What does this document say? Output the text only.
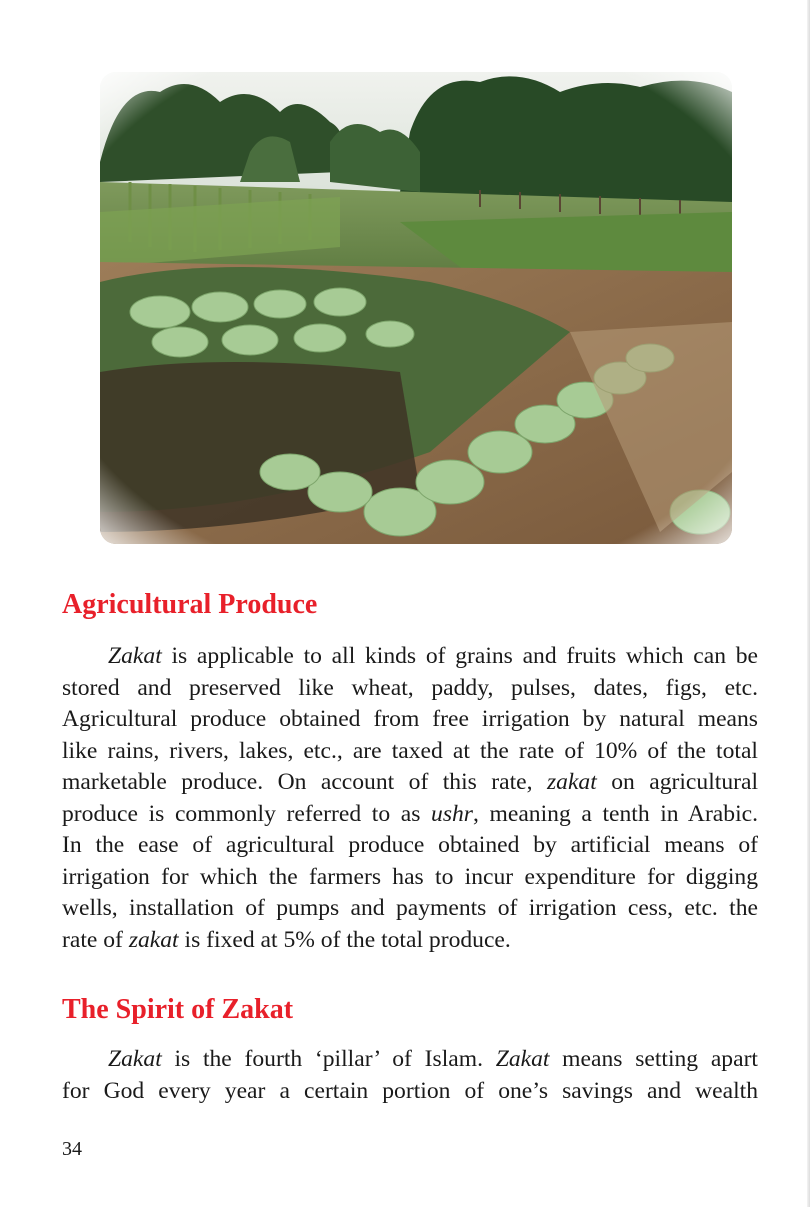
Agricultural Produce
Zakat is applicable to all kinds of grains and fruits which can be
stored and preserved like wheat, paddy, pulses, dates, figs, etc.
Agricultural produce obtained from free irrigation by natural means
like rains, rivers, lakes, etc., are taxed at the rate of 10% of the total
marketable produce. On account of this rate, zakat on agricultural
produce is commonly referred to as ushr, meaning a tenth in Arabic.
In the ease of agricultural produce obtained by artificial means of
irrigation for which the farmers has to incur expenditure for digging
wells, installation of pumps and payments of irrigation cess, etc. the
rate of zakat is fixed at 5% of the total produce.
The Spirit of Zakat
Zakat is the fourth ‘pillar’ of Islam. Zakat means setting apart
for God every year a certain portion of one’s savings and wealth
34
